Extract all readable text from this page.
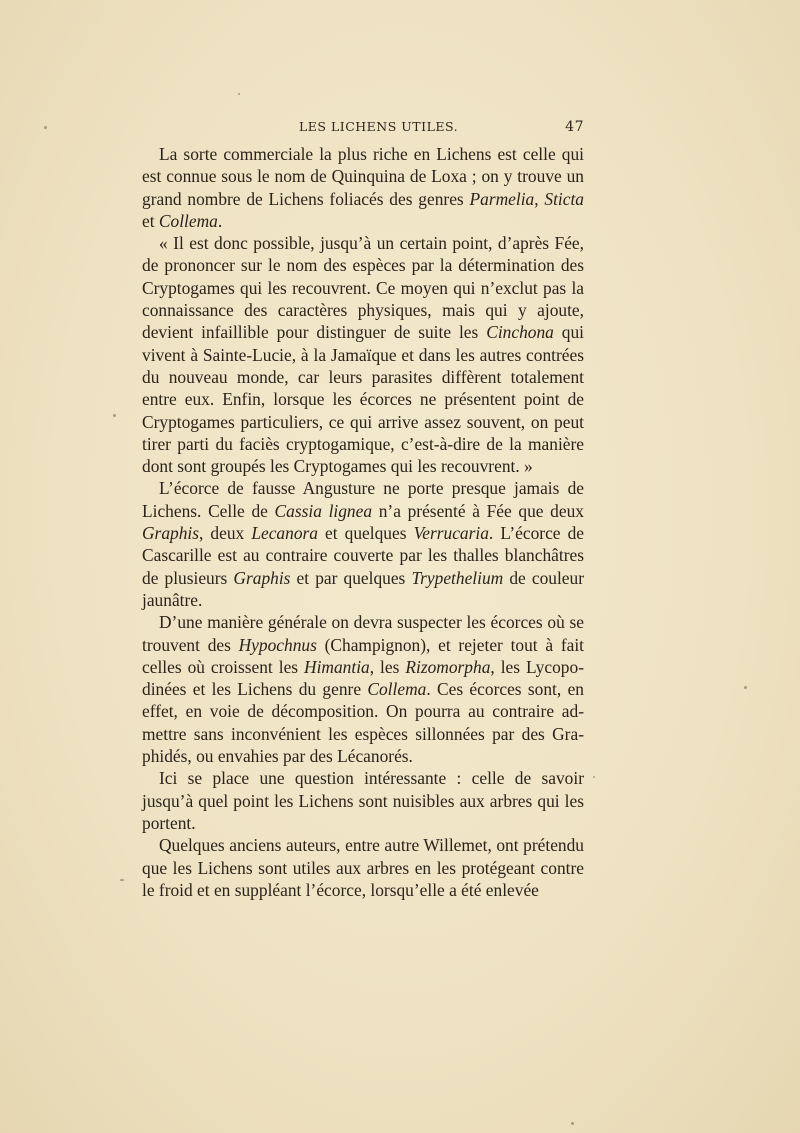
LES LICHENS UTILES.	47

La sorte commerciale la plus riche en Lichens est celle qui est connue sous le nom de Quinquina de Loxa ; on y trouve un grand nombre de Lichens foliacés des genres Parmelia, Sticta et Collema.

« Il est donc possible, jusqu’à un certain point, d’après Fée, de prononcer sur le nom des espèces par la détermination des Cryptogames qui les recouvrent. Ce moyen qui n’exclut pas la connaissance des caractères physiques, mais qui y ajoute, devient infaillible pour distinguer de suite les Cinchona qui vivent à Sainte-Lucie, à la Jamaïque et dans les autres contrées du nouveau monde, car leurs parasites diffèrent totalement entre eux. Enfin, lorsque les écorces ne présentent point de Cryptogames particuliers, ce qui arrive assez souvent, on peut tirer parti du faciès cryptogamique, c’est-à-dire de la manière dont sont groupés les Cryptogames qui les recouvrent. »

L’écorce de fausse Angusture ne porte presque jamais de Lichens. Celle de Cassia lignea n’a présenté à Fée que deux Graphis, deux Lecanora et quelques Verrucaria. L’écorce de Cascarille est au contraire couverte par les thalles blanchâtres de plusieurs Graphis et par quelques Trypethelium de couleur jaunâtre.

D’une manière générale on devra suspecter les écorces où se trouvent des Hypochnus (Champignon), et rejeter tout à fait celles où croissent les Himantia, les Rizomorpha, les Lycopodinées et les Lichens du genre Collema. Ces écorces sont, en effet, en voie de décomposition. On pourra au contraire admettre sans inconvénient les espèces sillonnées par des Graphidés, ou envahies par des Lécanorés.

Ici se place une question intéressante : celle de savoir jusqu’à quel point les Lichens sont nuisibles aux arbres qui les portent.

Quelques anciens auteurs, entre autre Willemet, ont prétendu que les Lichens sont utiles aux arbres en les protégeant contre le froid et en suppléant l’écorce, lorsqu’elle a été enlevée
